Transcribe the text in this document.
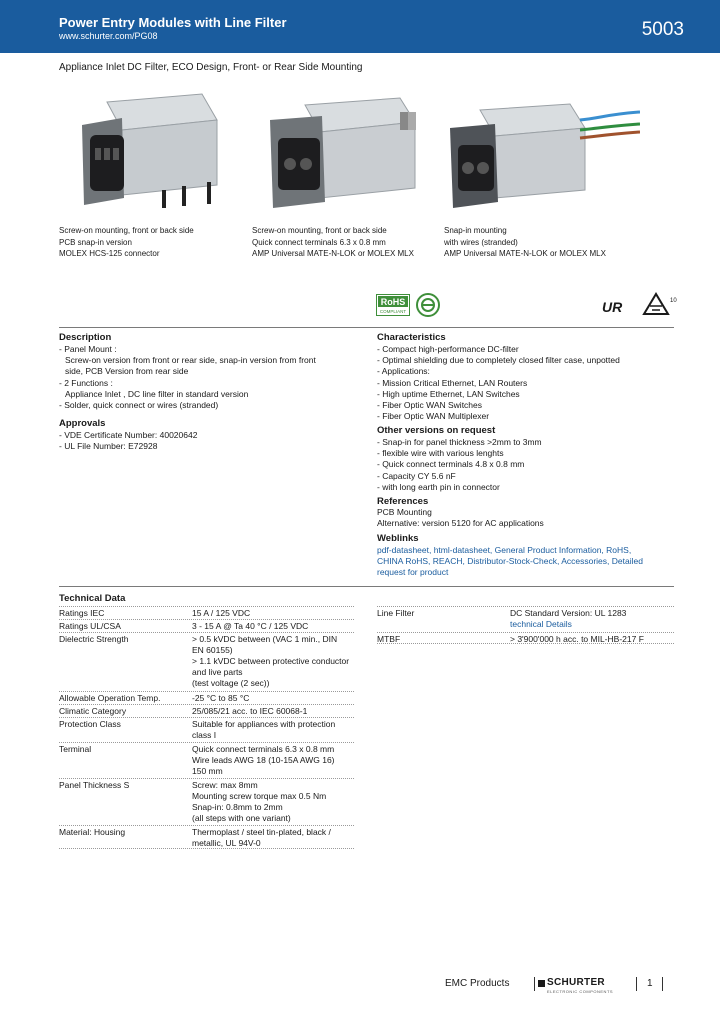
Power Entry Modules with Line Filter
www.schurter.com/PG08	5003
Appliance Inlet DC Filter, ECO Design, Front- or Rear Side Mounting
Screw-on mounting, front or back side
PCB snap-in version
MOLEX HCS-125 connector
Screw-on mounting, front or back side
Quick connect terminals 6.3 x 0.8 mm
AMP Universal MATE-N-LOK or MOLEX MLX
Snap-in mounting
with wires (stranded)
AMP Universal MATE-N-LOK or MOLEX MLX
RoHS
COMPLIANT	UR	10
Description
- Panel Mount :
Screw-on version from front or rear side, snap-in version from front
side, PCB Version from rear side
- 2 Functions :
Appliance Inlet , DC line filter in standard version
- Solder, quick connect or wires (stranded)
Approvals
- VDE Certificate Number: 40020642
- UL File Number: E72928
Characteristics
- Compact high-performance DC-filter
- Optimal shielding due to completely closed filter case, unpotted
- Applications:
- Mission Critical Ethernet, LAN Routers
- High uptime Ethernet, LAN Switches
- Fiber Optic WAN Switches
- Fiber Optic WAN Multiplexer
Other versions on request
- Snap-in for panel thickness >2mm to 3mm
- flexible wire with various lenghts
- Quick connect terminals 4.8 x 0.8 mm
- Capacity CY 5.6 nF
- with long earth pin in connector
References
PCB Mounting
Alternative: version 5120 for AC applications
Weblinks
pdf-datasheet, html-datasheet, General Product Information, RoHS,
CHINA RoHS, REACH, Distributor-Stock-Check, Accessories, Detailed
request for product
Technical Data
Ratings IEC	15 A / 125 VDC
Ratings UL/CSA	3 - 15 A @ Ta 40 °C / 125 VDC
Dielectric Strength	> 0.5 kVDC between (VAC 1 min., DIN
EN 60155)
> 1.1 kVDC between protective conductor
and live parts
(test voltage (2 sec))
Allowable Operation Temp.	-25 °C to 85 °C
Climatic Category	25/085/21 acc. to IEC 60068-1
Protection Class	Suitable for appliances with protection
class I
Terminal	Quick connect terminals 6.3 x 0.8 mm
Wire leads AWG 18 (10-15A AWG 16)
150 mm
Panel Thickness S	Screw: max 8mm
Mounting screw torque max 0.5 Nm
Snap-in: 0.8mm to 2mm
(all steps with one variant)
Material: Housing	Thermoplast / steel tin-plated, black /
metallic, UL 94V-0
Line Filter	DC Standard Version: UL 1283
technical Details
MTBF	> 3'900'000 h acc. to MIL-HB-217 F
EMC Products	SCHURTER
ELECTRONIC COMPONENTS
1
